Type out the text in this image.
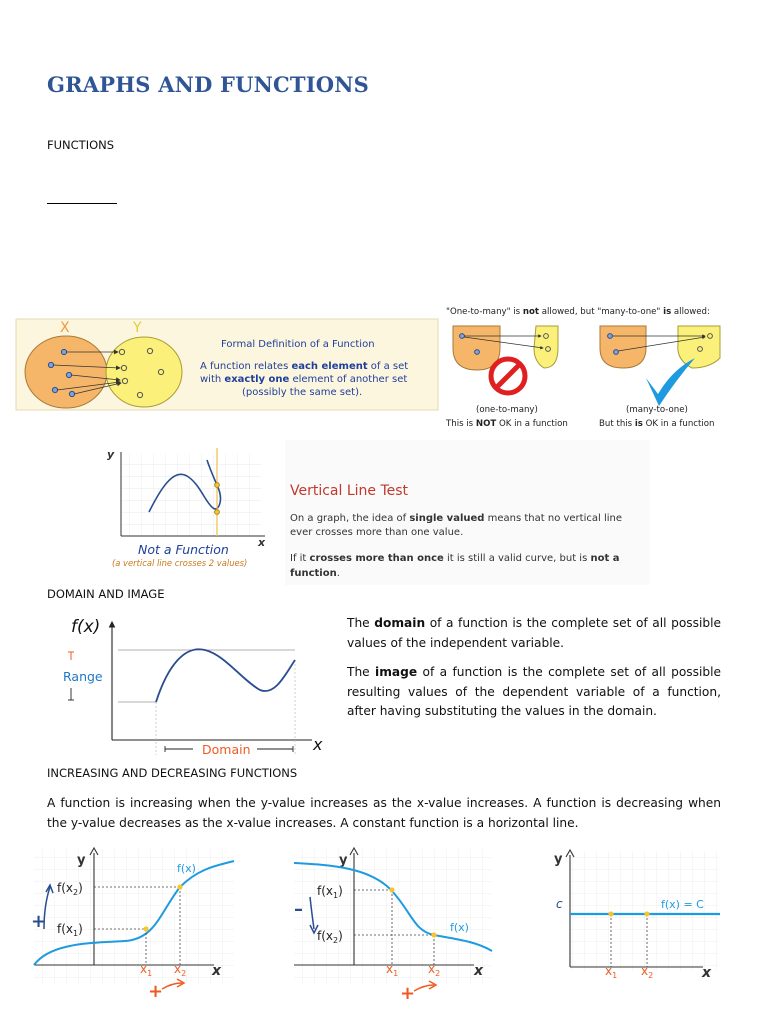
GRAPHS AND FUNCTIONS
FUNCTIONS
X	Y
Formal Definition of a Function
A function relates each element of a set
with exactly one element of another set
(possibly the same set).
"One-to-many" is not allowed, but "many-to-one" is allowed:
(one-to-many)
This is NOT OK in a function
(many-to-one)
But this is OK in a function
y
x
Not a Function
(a vertical line crosses 2 values)
Vertical Line Test
On a graph, the idea of single valued means that no vertical line
ever crosses more than one value.
If it crosses more than once it is still a valid curve, but is not a
function.
DOMAIN AND IMAGE
f(x)
Range
Domain	x
The domain of a function is the complete set of all possible values of the independent variable.
The image of a function is the complete set of all possible resulting values of the dependent variable of a function, after having substituting the values in the domain.
INCREASING AND DECREASING FUNCTIONS
A function is increasing when the y-value increases as the x-value increases. A function is decreasing when the y-value decreases as the x-value increases. A constant function is a horizontal line.
y
x
f(x)
$f(x_2)$
$f(x_1)$
+
$x_1$ $x_2$
+
y
x
f(x)
$f(x_1)$
$f(x_2)$
–
$x_1$ $x_2$
+
y
x
c	f(x) = C
$x_1$ $x_2$
